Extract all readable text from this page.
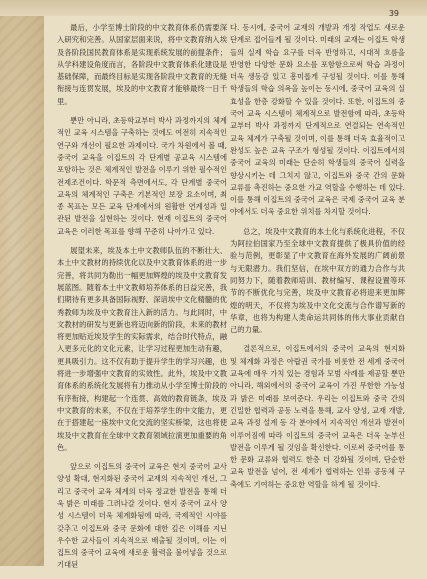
39

最后，小学至博士阶段的中文教育体系仍需要深入研究和完善。从国家层面来说，将中文教育纳入埃及各阶段国民教育体系是实现系统发展的前提条件；从学科建设角度而言，各阶段中文教育体系化建设是基础保障，而最终目标是实现各阶段中文教育的无缝衔接与连贯发展，埃及的中文教育才能够最终一日千里。

뿐만 아니라, 초등학교부터 박사 과정까지의 체계적인 교육 시스템을 구축하는 것에도 여전히 지속적인 연구와 개선이 필요한 과제이다. 국가 차원에서 볼 때, 중국어 교육을 이집트의 각 단계별 공교육 시스템에 포함하는 것은 체계적인 발전을 이루기 위한 필수적인 전제조건이다. 학문적 측면에서도, 각 단계별 중국어 교육의 체계적인 구축은 기본적인 보장 요소이며, 최종 목표는 모든 교육 단계에서의 원활한 연계성과 일관된 발전을 실현하는 것이다. 현재 이집트의 중국어 교육은 이러한 목표를 향해 꾸준히 나아가고 있다.

展望未来，埃及本土中文教师队伍的不断壮大、本土中文教材的持续优化以及中文教育体系的进一步完善，将共同为勒出一幅更加辉煌的埃及中文教育发展蓝图。随着本土中文教师培养体系的日益完善，我们期待有更多具备国际视野、深谙埃中文化精髓的优秀教师为埃及中文教育注入新的活力。与此同时，中文教材的研发与更新也将迈向新的阶段，未来的教材将更加贴近埃及学生的实际需求，结合时代特点，融入更多元化的文化元素，让学习过程更加生动有趣，更具吸引力。这不仅有助于提升学生的学习兴趣，也将进一步增强中文教育的实效性。此外，埃及中文教育体系的系统化发展将有力推动从小学至博士阶段的有序衔接，构建起一个连贯、高效的教育链条，埃及中文教育的未来，不仅在于培养学生的中文能力，更在于搭建起一座埃中文化交流的坚实桥梁，这也将使埃及中文教育在全球中文教育领域拉演更加重要的角色。

앞으로 이집트의 중국어 교육은 현지 중국어 교사 양성 확대, 현지화된 중국어 교재의 지속적인 개선, 그리고 중국어 교육 체계의 더욱 정교한 발전을 통해 더욱 밝은 미래를 그려나갈 것이다. 현지 중국어 교사 양성 시스템이 더욱 체계화됨에 따라, 국제적인 시야를 갖추고 이집트와 중국 문화에 대한 깊은 이해를 지닌 우수한 교사들이 지속적으로 배출될 것이며, 이는 이집트의 중국어 교육에 새로운 활력을 불어넣을 것으로 기대된

다. 동시에, 중국어 교재의 개발과 개정 작업도 새로운 단계로 접어들게 될 것이다. 미래의 교재는 이집트 학생들의 실제 학습 요구를 더욱 반영하고, 시대적 흐름을 반영한 다양한 문화 요소를 포함함으로써 학습 과정이 더욱 생동감 있고 흥미롭게 구성될 것이다. 이를 통해 학생들의 학습 의욕을 높이는 동시에, 중국어 교육의 실효성을 한층 강화할 수 있을 것이다. 또한, 이집트의 중국어 교육 시스템이 체계적으로 발전함에 따라, 초등학교부터 박사 과정까지 단계적으로 연결되는 연속적인 교육 체계가 구축될 것이며, 이를 통해 더욱 효율적이고 완성도 높은 교육 구조가 형성될 것이다. 이집트에서의 중국어 교육의 미래는 단순히 학생들의 중국어 실력을 향상시키는 데 그치지 않고, 이집트와 중국 간의 문화 교류를 촉진하는 중요한 가교 역할을 수행하는 데 있다. 이를 통해 이집트의 중국어 교육은 국제 중국어 교육 분야에서도 더욱 중요한 위치를 차지할 것이다.

总之，埃及中文教育的本土化与系统化进程，不仅为阿拉伯国家乃至全球中文教育提供了极具价值的经验与范例，更彰显了中文教育在海外发展的广阔前景与无限潜力。我们坚信，在埃中双方的通力合作与共同努力下，随着教师培训、教材编写、课程设置等环节的不断优化与完善，埃及中文教育必将迎来更加辉煌的明天，不仅将为埃及中文化交流与合作谱写新的华章，也将为构建人类命运共同体的伟大事业贡献自己的力量。

결론적으로, 이집트에서의 중국어 교육의 현지화 및 체계화 과정은 아랍권 국가를 비롯한 전 세계 중국어 교육에 매우 가치 있는 경험과 모범 사례를 제공할 뿐만 아니라, 해외에서의 중국어 교육이 가진 무한한 가능성과 밝은 미래를 보여준다. 우리는 이집트와 중국 간의 긴밀한 협력과 공동 노력을 통해, 교사 양성, 교재 개발, 교육 과정 설계 등 각 분야에서 지속적인 개선과 발전이 이루어짐에 따라 이집트의 중국어 교육은 더욱 눈부신 발전을 이루게 될 것임을 확신한다. 이로써 중국어를 통한 문화 교류와 협력도 한층 더 강화될 것이며, 단순한 교육 발전을 넘어, 전 세계가 협력하는 인류 공동체 구축에도 기여하는 중요한 역할을 하게 될 것이다.
